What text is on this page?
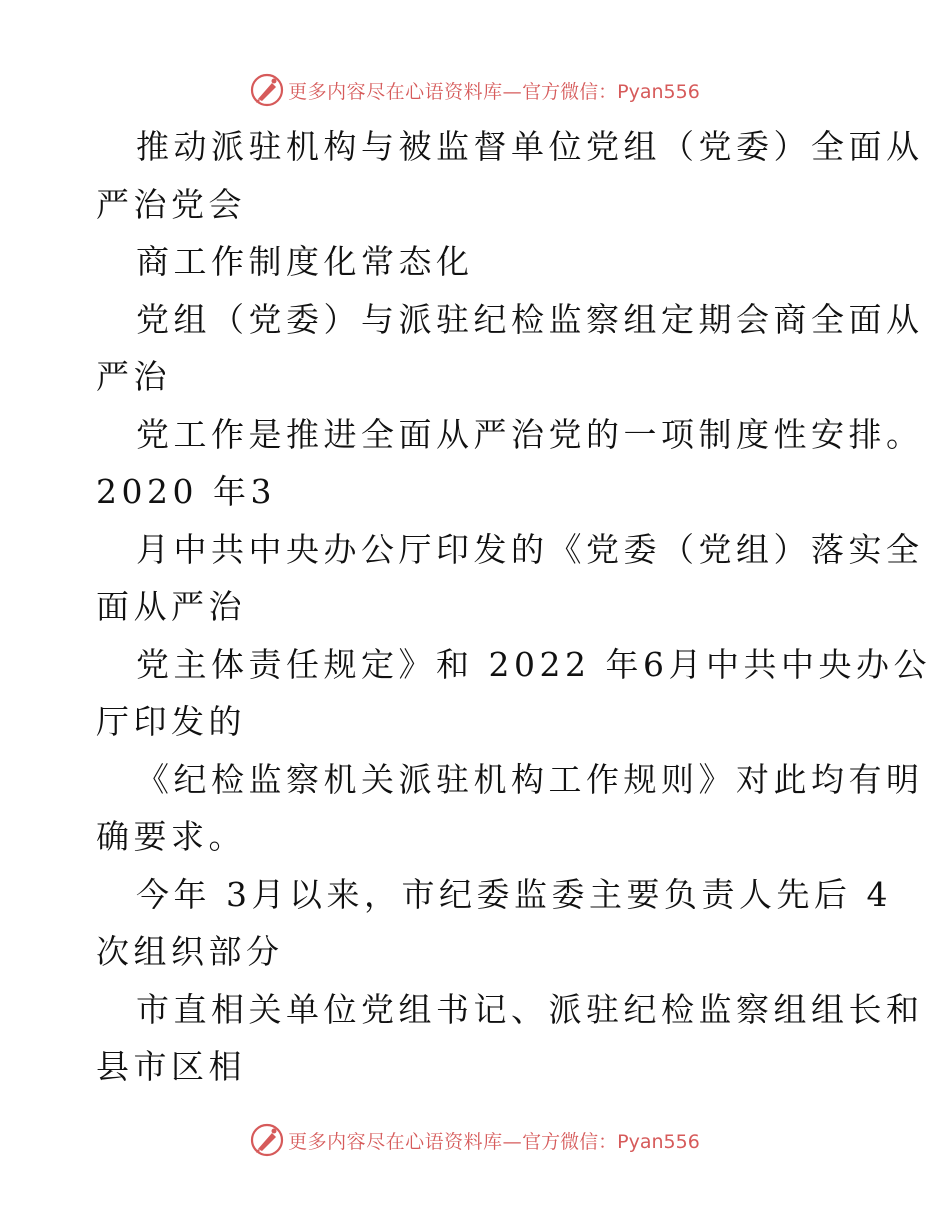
更多内容尽在心语资料库— 官方微信：Pyan556

推动派驻机构与被监督单位党组（党委）全面从

严治党会

商工作制度化常态化

党组（党委）与派驻纪检监察组定期会商全面从

严治

党工作是推进全面从严治党的一项制度性安排。

2020 年3

月中共中央办公厅印发的《党委（党组）落实全

面从严治

党主体责任规定》和 2022 年6月中共中央办公

厅印发的

《纪检监察机关派驻机构工作规则》对此均有明

确要求。

今年 3月以来，市纪委监委主要负责人先后 4

次组织部分

市直相关单位党组书记、派驻纪检监察组组长和

县市区相

更多内容尽在心语资料库— 官方微信：Pyan556
